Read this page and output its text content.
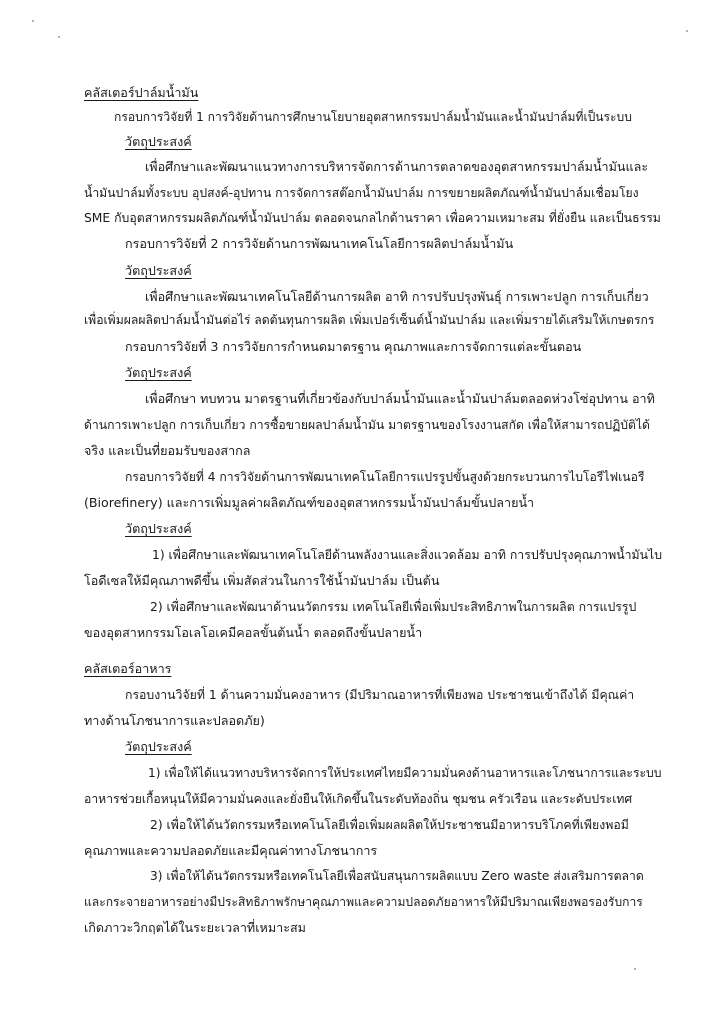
คลัสเตอร์ปาล์มน้ำมัน
กรอบการวิจัยที่ 1 การวิจัยด้านการศึกษานโยบายอุตสาหกรรมปาล์มน้ำมันและน้ำมันปาล์มที่เป็นระบบ
วัตถุประสงค์
เพื่อศึกษาและพัฒนาแนวทางการบริหารจัดการด้านการตลาดของอุตสาหกรรมปาล์มน้ำมันและ
น้ำมันปาล์มทั้งระบบ อุปสงค์-อุปทาน การจัดการสต๊อกน้ำมันปาล์ม การขยายผลิตภัณฑ์น้ำมันปาล์มเชื่อมโยง
SME กับอุตสาหกรรมผลิตภัณฑ์น้ำมันปาล์ม ตลอดจนกลไกด้านราคา เพื่อความเหมาะสม ที่ยั่งยืน และเป็นธรรม
กรอบการวิจัยที่ 2 การวิจัยด้านการพัฒนาเทคโนโลยีการผลิตปาล์มน้ำมัน
วัตถุประสงค์
เพื่อศึกษาและพัฒนาเทคโนโลยีด้านการผลิต อาทิ การปรับปรุงพันธุ์ การเพาะปลูก การเก็บเกี่ยว
เพื่อเพิ่มผลผลิตปาล์มน้ำมันต่อไร่ ลดต้นทุนการผลิต เพิ่มเปอร์เซ็นต์น้ำมันปาล์ม และเพิ่มรายได้เสริมให้เกษตรกร
กรอบการวิจัยที่ 3 การวิจัยการกำหนดมาตรฐาน คุณภาพและการจัดการแต่ละขั้นตอน
วัตถุประสงค์
เพื่อศึกษา ทบทวน มาตรฐานที่เกี่ยวข้องกับปาล์มน้ำมันและน้ำมันปาล์มตลอดห่วงโซ่อุปทาน อาทิ
ด้านการเพาะปลูก การเก็บเกี่ยว การซื้อขายผลปาล์มน้ำมัน มาตรฐานของโรงงานสกัด เพื่อให้สามารถปฏิบัติได้
จริง และเป็นที่ยอมรับของสากล
กรอบการวิจัยที่ 4 การวิจัยด้านการพัฒนาเทคโนโลยีการแปรรูปขั้นสูงด้วยกระบวนการไบโอรีไฟเนอรี
(Biorefinery) และการเพิ่มมูลค่าผลิตภัณฑ์ของอุตสาหกรรมน้ำมันปาล์มขั้นปลายน้ำ
วัตถุประสงค์
1) เพื่อศึกษาและพัฒนาเทคโนโลยีด้านพลังงานและสิ่งแวดล้อม อาทิ การปรับปรุงคุณภาพน้ำมันไบ
โอดีเซลให้มีคุณภาพดีขึ้น เพิ่มสัดส่วนในการใช้น้ำมันปาล์ม เป็นต้น
2) เพื่อศึกษาและพัฒนาด้านนวัตกรรม เทคโนโลยีเพื่อเพิ่มประสิทธิภาพในการผลิต การแปรรูป
ของอุตสาหกรรมโอเลโอเคมีคอลขั้นต้นน้ำ ตลอดถึงขั้นปลายน้ำ
คลัสเตอร์อาหาร
กรอบงานวิจัยที่ 1 ด้านความมั่นคงอาหาร (มีปริมาณอาหารที่เพียงพอ ประชาชนเข้าถึงได้ มีคุณค่า
ทางด้านโภชนาการและปลอดภัย)
วัตถุประสงค์
1) เพื่อให้ได้แนวทางบริหารจัดการให้ประเทศไทยมีความมั่นคงด้านอาหารและโภชนาการและระบบ
อาหารช่วยเกื้อหนุนให้มีความมั่นคงและยั่งยืนให้เกิดขึ้นในระดับท้องถิ่น ชุมชน ครัวเรือน และระดับประเทศ
2) เพื่อให้ได้นวัตกรรมหรือเทคโนโลยีเพื่อเพิ่มผลผลิตให้ประชาชนมีอาหารบริโภคที่เพียงพอมี
คุณภาพและความปลอดภัยและมีคุณค่าทางโภชนาการ
3) เพื่อให้ได้นวัตกรรมหรือเทคโนโลยีเพื่อสนับสนุนการผลิตแบบ Zero waste ส่งเสริมการตลาด
และกระจายอาหารอย่างมีประสิทธิภาพรักษาคุณภาพและความปลอดภัยอาหารให้มีปริมาณเพียงพอรองรับการ
เกิดภาวะวิกฤตได้ในระยะเวลาที่เหมาะสม
